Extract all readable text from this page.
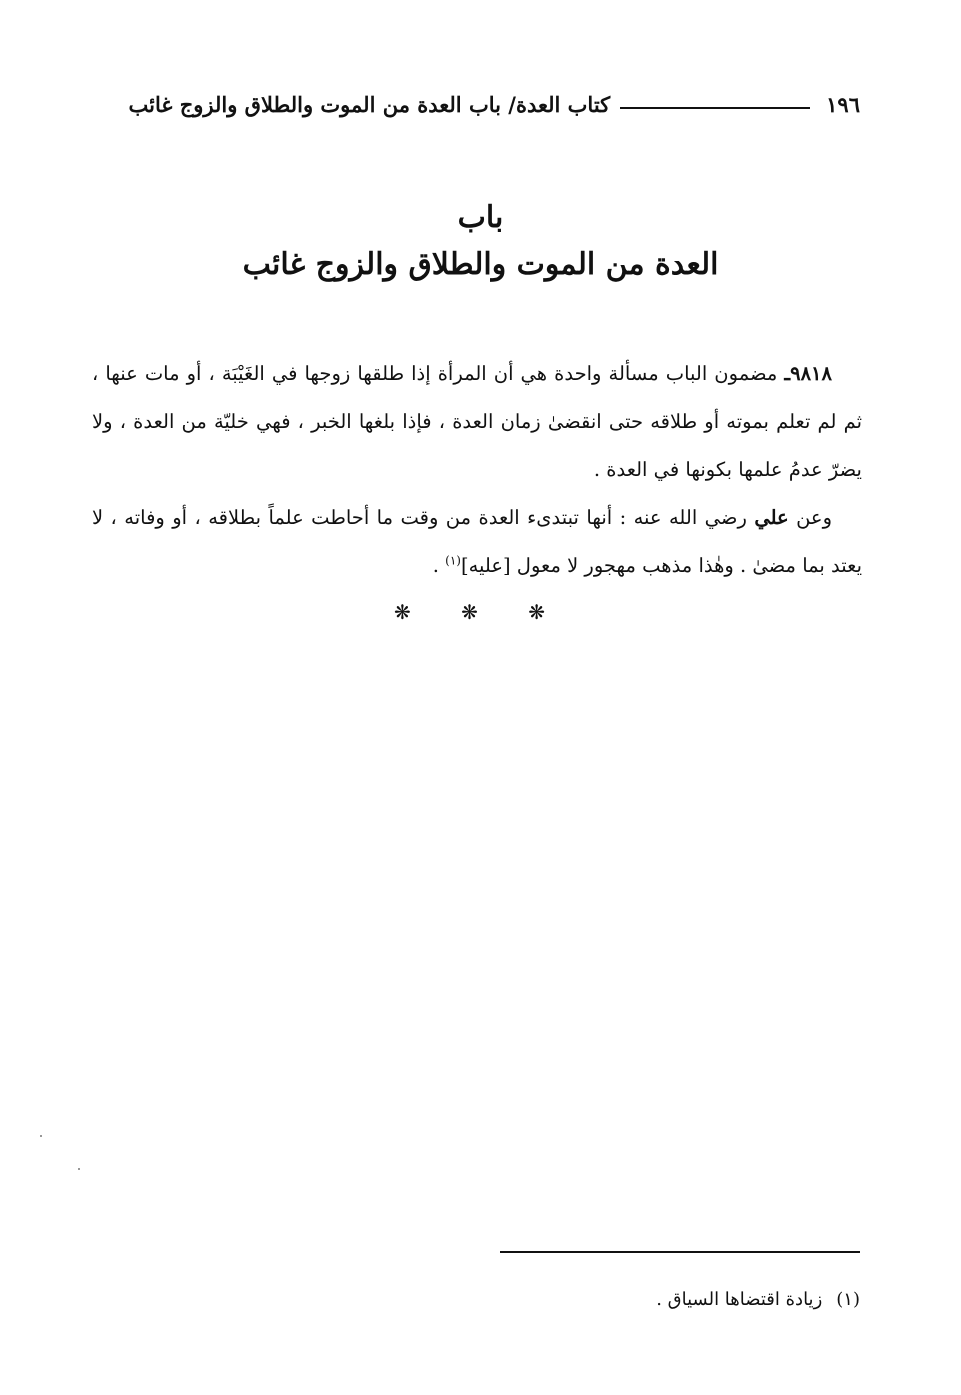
١٩٦
كتاب العدة/ باب العدة من الموت والطلاق والزوج غائب
باب
العدة من الموت والطلاق والزوج غائب

٩٨١٨ـ مضمون الباب مسألة واحدة هي أن المرأة إذا طلقها زوجها في الغَيْبَة ، أو مات عنها ، ثم لم تعلم بموته أو طلاقه حتى انقضىٰ زمان العدة ، فإذا بلغها الخبر ، فهي خليّة من العدة ، ولا يضرّ عدمُ علمها بكونها في العدة .

وعن علي رضي الله عنه : أنها تبتدىء العدة من وقت ما أحاطت علماً بطلاقه ، أو وفاته ، لا يعتد بما مضىٰ . وهٰذا مذهب مهجور لا معول [عليه]$^{(١)}$ .

❋ ❋ ❋
(١)زيادة اقتضاها السياق .
